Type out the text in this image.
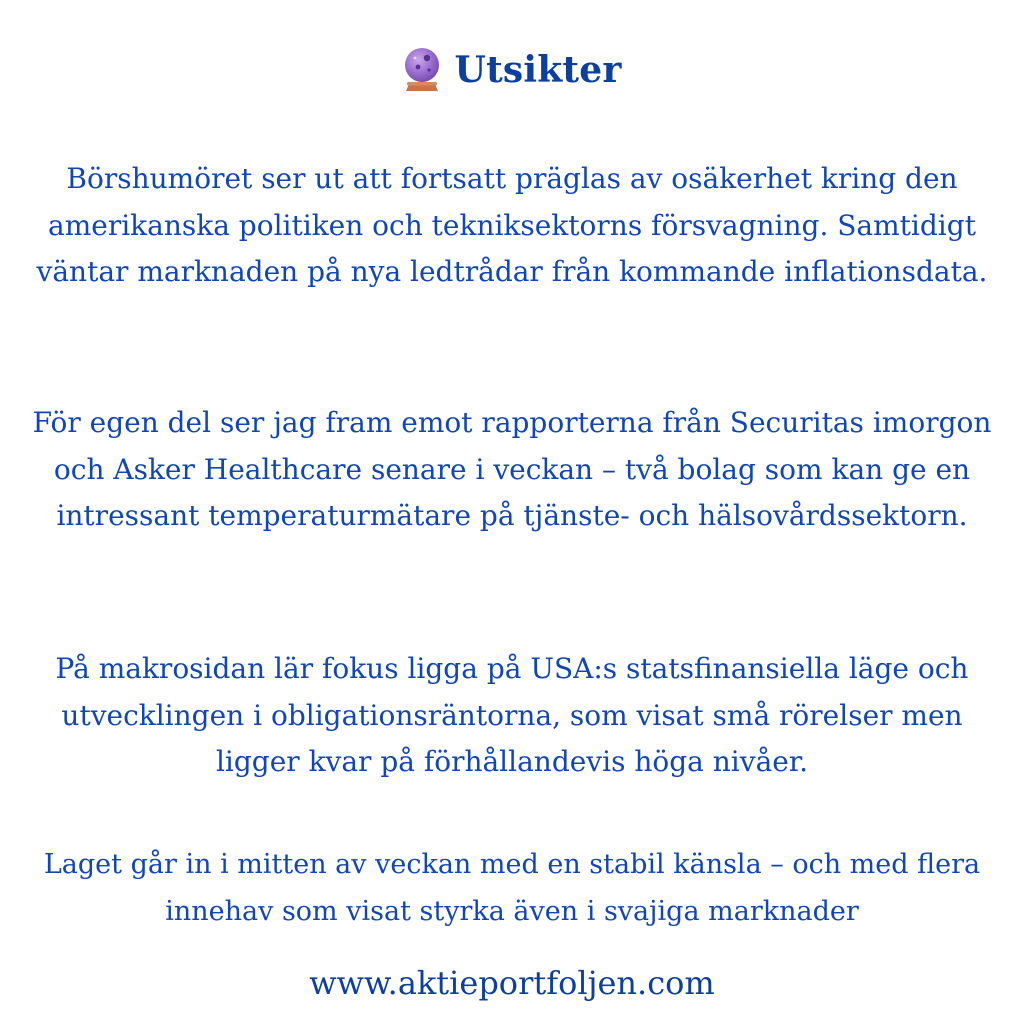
Utsikter

Börshumöret ser ut att fortsatt präglas av osäkerhet kring den amerikanska politiken och tekniksektorns försvagning. Samtidigt väntar marknaden på nya ledtrådar från kommande inflationsdata.

För egen del ser jag fram emot rapporterna från Securitas imorgon och Asker Healthcare senare i veckan – två bolag som kan ge en intressant temperaturmätare på tjänste- och hälsovårdssektorn.

På makrosidan lär fokus ligga på USA:s statsfinansiella läge och utvecklingen i obligationsräntorna, som visat små rörelser men ligger kvar på förhållandevis höga nivåer.

Laget går in i mitten av veckan med en stabil känsla – och med flera innehav som visat styrka även i svajiga marknader

www.aktieportfoljen.com
